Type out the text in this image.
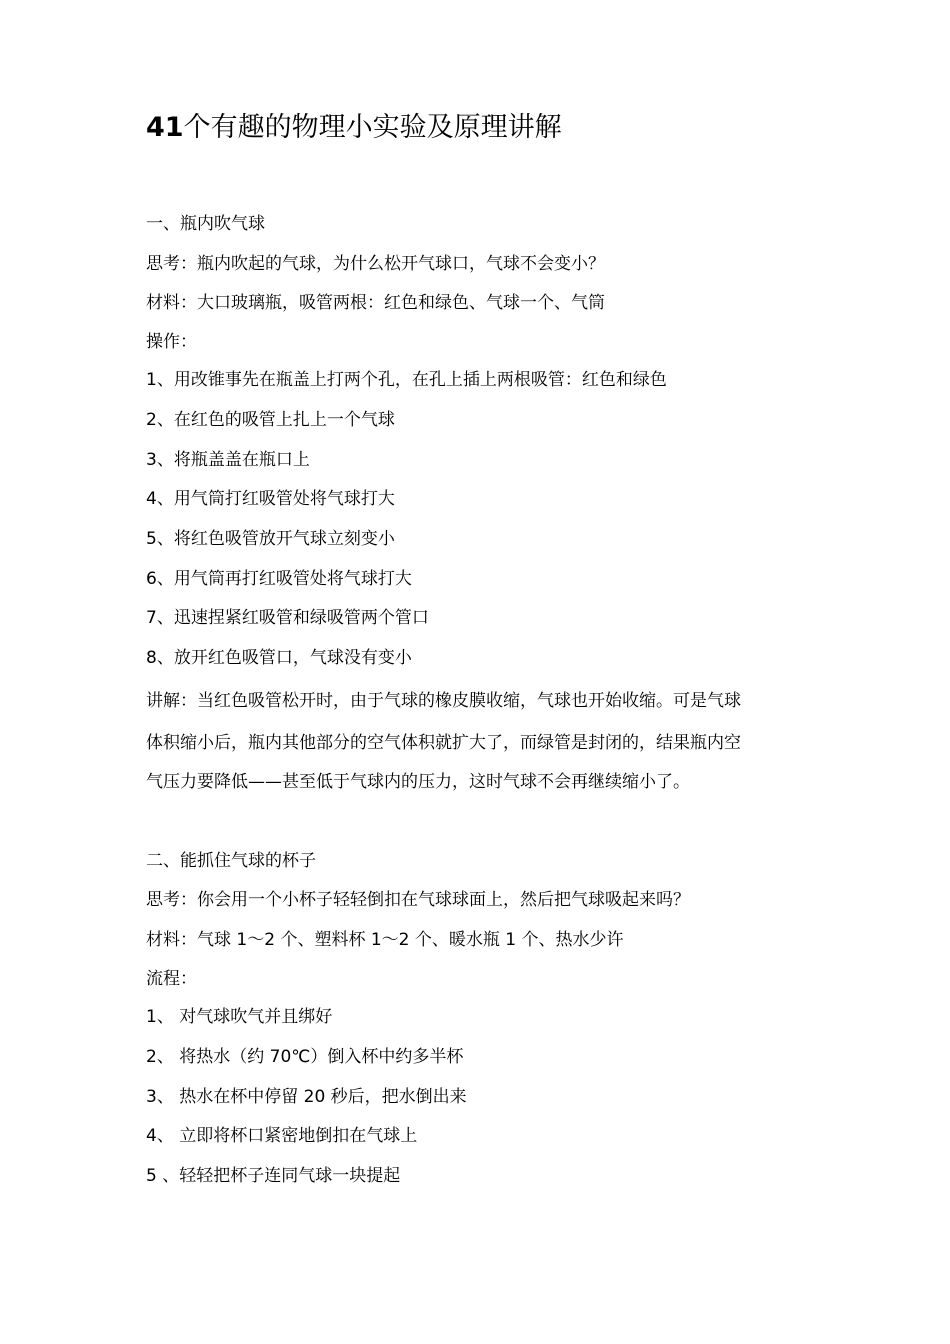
41个有趣的物理小实验及原理讲解
一、瓶内吹气球
思考：瓶内吹起的气球，为什么松开气球口，气球不会变小？
材料：大口玻璃瓶，吸管两根：红色和绿色、气球一个、气筒
操作：
1、用改锥事先在瓶盖上打两个孔，在孔上插上两根吸管：红色和绿色
2、在红色的吸管上扎上一个气球
3、将瓶盖盖在瓶口上
4、用气筒打红吸管处将气球打大
5、将红色吸管放开气球立刻变小
6、用气筒再打红吸管处将气球打大
7、迅速捏紧红吸管和绿吸管两个管口
8、放开红色吸管口，气球没有变小
讲解：当红色吸管松开时，由于气球的橡皮膜收缩，气球也开始收缩。可是气球
体积缩小后，瓶内其他部分的空气体积就扩大了，而绿管是封闭的，结果瓶内空
气压力要降低——甚至低于气球内的压力，这时气球不会再继续缩小了。
二、能抓住气球的杯子
思考：你会用一个小杯子轻轻倒扣在气球球面上，然后把气球吸起来吗？
材料：气球 1～2 个、塑料杯 1～2 个、暖水瓶 1 个、热水少许
流程：
1、 对气球吹气并且绑好
2、 将热水（约 70℃）倒入杯中约多半杯
3、 热水在杯中停留 20 秒后，把水倒出来
4、 立即将杯口紧密地倒扣在气球上
5 、轻轻把杯子连同气球一块提起
